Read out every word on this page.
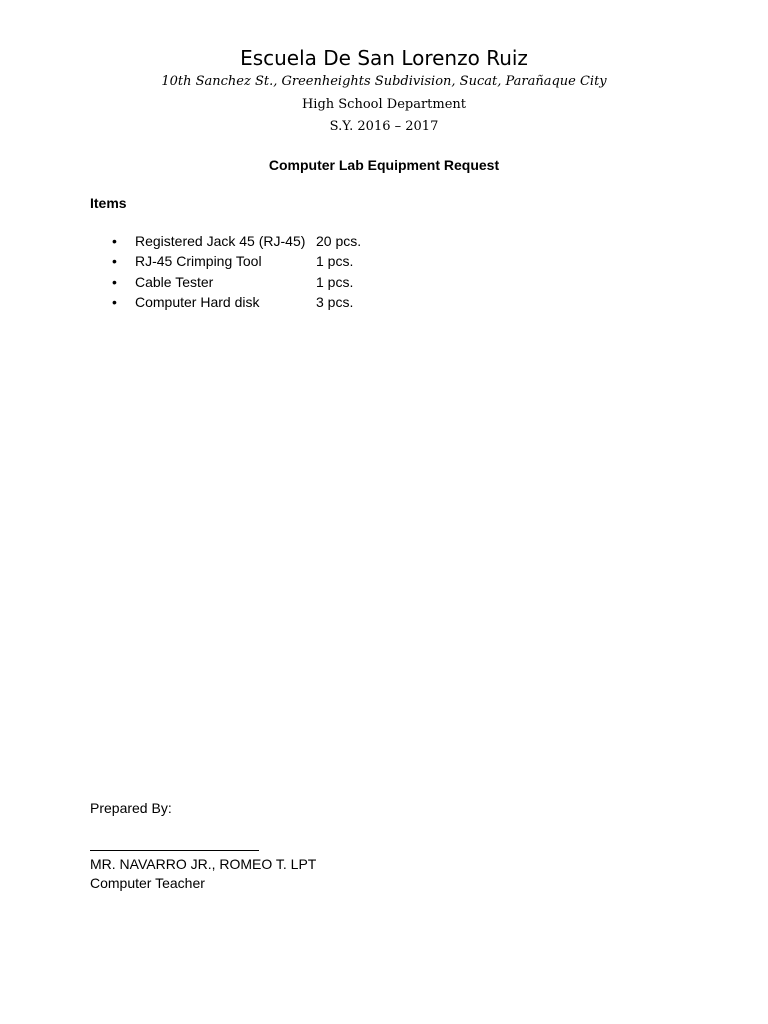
Escuela De San Lorenzo Ruiz
10th Sanchez St., Greenheights Subdivision, Sucat, Parañaque City
High School Department
S.Y. 2016 – 2017
Computer Lab Equipment Request
Items
• Registered Jack 45 (RJ-45) 20 pcs.
• RJ-45 Crimping Tool	1 pcs.
• Cable Tester	1 pcs.
• Computer Hard disk	3 pcs.
Prepared By:
MR. NAVARRO JR., ROMEO T. LPT
Computer Teacher
